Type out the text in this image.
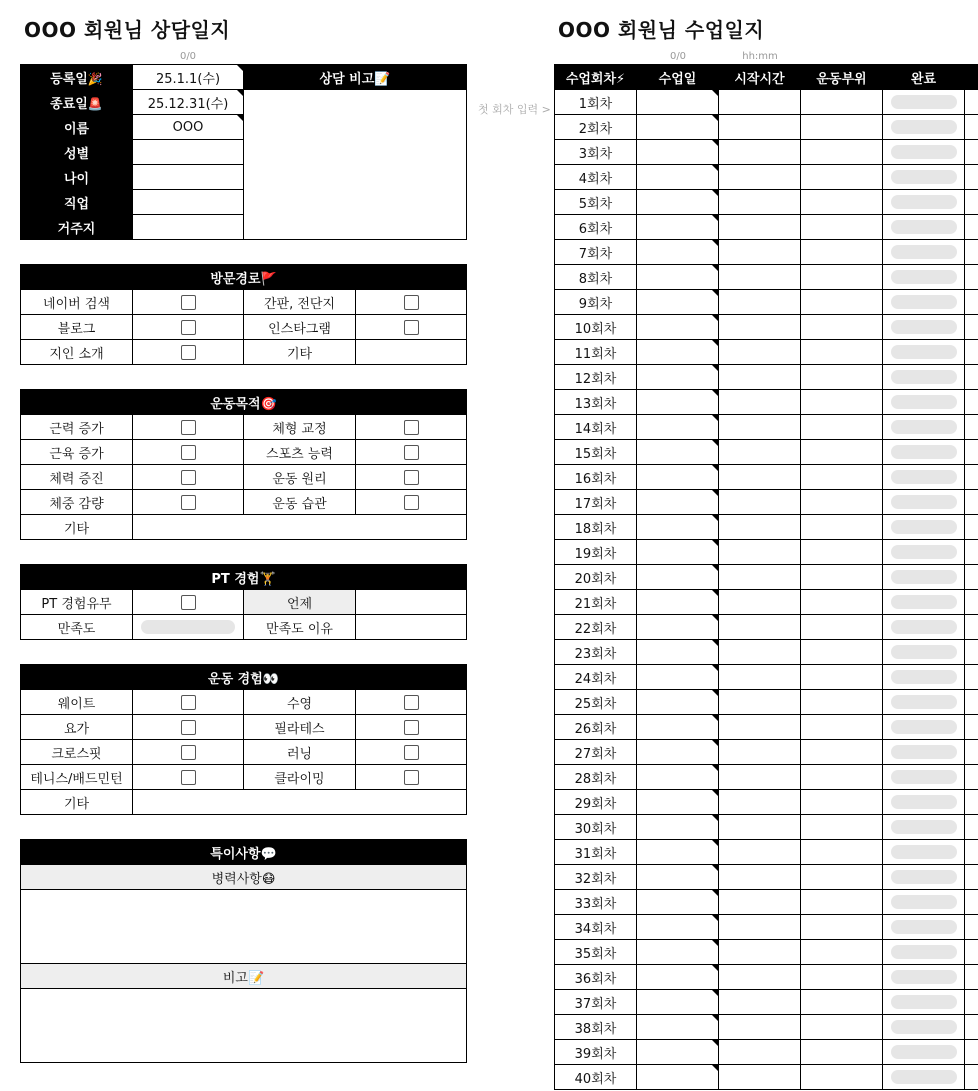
OOO 회원님 상담일지
0/0
등록일🎉	25.1.1(수)	상담 비고📝
종료일🚨	25.12.31(수)	
이름	OOO	
성별		
나이		
직업		
거주지		
방문경로🚩			
네이버 검색		간판, 전단지	
블로그		인스타그램	
지인 소개		기타	
운동목적🎯			
근력 증가		체형 교정	
근육 증가		스포츠 능력	
체력 증진		운동 원리	
체중 감량		운동 습관	
기타			
PT 경험🏋			
PT 경험유무		언제	
만족도		만족도 이유	
운동 경험👀			
웨이트		수영	
요가		필라테스	
크로스핏		러닝	
테니스/배드민턴		클라이밍	
기타			
특이사항💬
병력사항😷

비고📝

OOO 회원님 수업일지
0/0	hh:mm
첫 회차 입력 >
수업회차⚡	수업일	시작시간	운동부위	완료	
1회차					
2회차					
3회차					
4회차					
5회차					
6회차					
7회차					
8회차					
9회차					
10회차					
11회차					
12회차					
13회차					
14회차					
15회차					
16회차					
17회차					
18회차					
19회차					
20회차					
21회차					
22회차					
23회차					
24회차					
25회차					
26회차					
27회차					
28회차					
29회차					
30회차					
31회차					
32회차					
33회차					
34회차					
35회차					
36회차					
37회차					
38회차					
39회차					
40회차					
